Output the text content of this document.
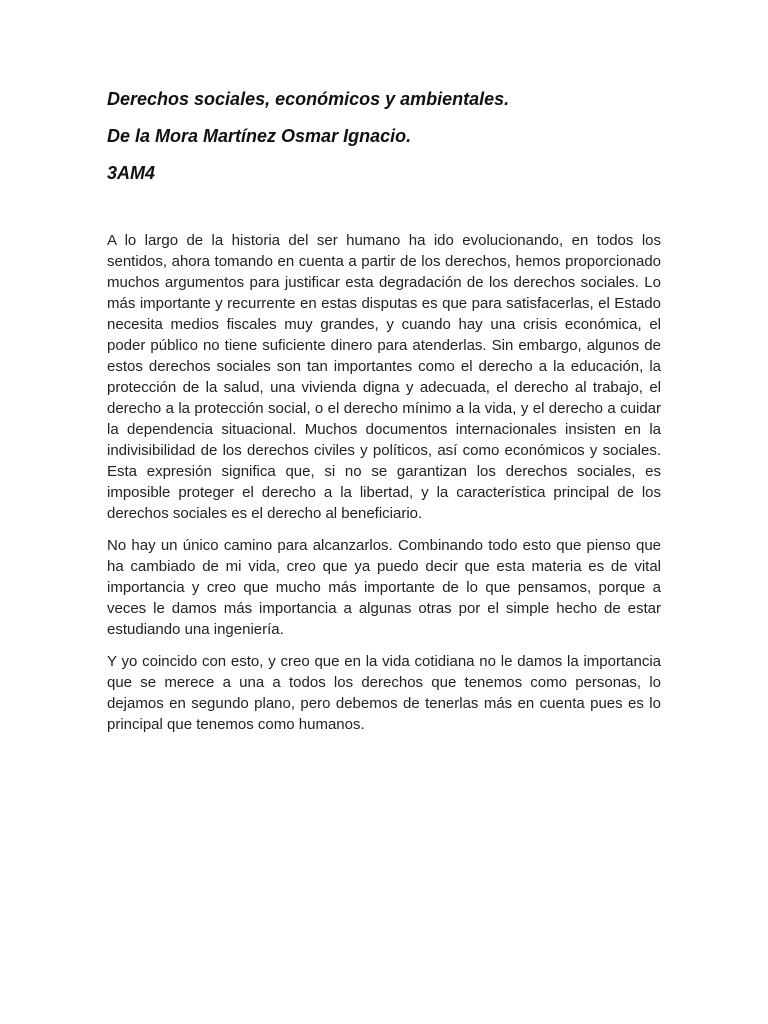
Derechos sociales, económicos y ambientales.
De la Mora Martínez Osmar Ignacio.
3AM4

A lo largo de la historia del ser humano ha ido evolucionando, en todos los sentidos, ahora tomando en cuenta a partir de los derechos, hemos proporcionado muchos argumentos para justificar esta degradación de los derechos sociales. Lo más importante y recurrente en estas disputas es que para satisfacerlas, el Estado necesita medios fiscales muy grandes, y cuando hay una crisis económica, el poder público no tiene suficiente dinero para atenderlas. Sin embargo, algunos de estos derechos sociales son tan importantes como el derecho a la educación, la protección de la salud, una vivienda digna y adecuada, el derecho al trabajo, el derecho a la protección social, o el derecho mínimo a la vida, y el derecho a cuidar la dependencia situacional. Muchos documentos internacionales insisten en la indivisibilidad de los derechos civiles y políticos, así como económicos y sociales. Esta expresión significa que, si no se garantizan los derechos sociales, es imposible proteger el derecho a la libertad, y la característica principal de los derechos sociales es el derecho al beneficiario.

No hay un único camino para alcanzarlos. Combinando todo esto que pienso que ha cambiado de mi vida, creo que ya puedo decir que esta materia es de vital importancia y creo que mucho más importante de lo que pensamos, porque a veces le damos más importancia a algunas otras por el simple hecho de estar estudiando una ingeniería.

Y yo coincido con esto, y creo que en la vida cotidiana no le damos la importancia que se merece a una a todos los derechos que tenemos como personas, lo dejamos en segundo plano, pero debemos de tenerlas más en cuenta pues es lo principal que tenemos como humanos.
